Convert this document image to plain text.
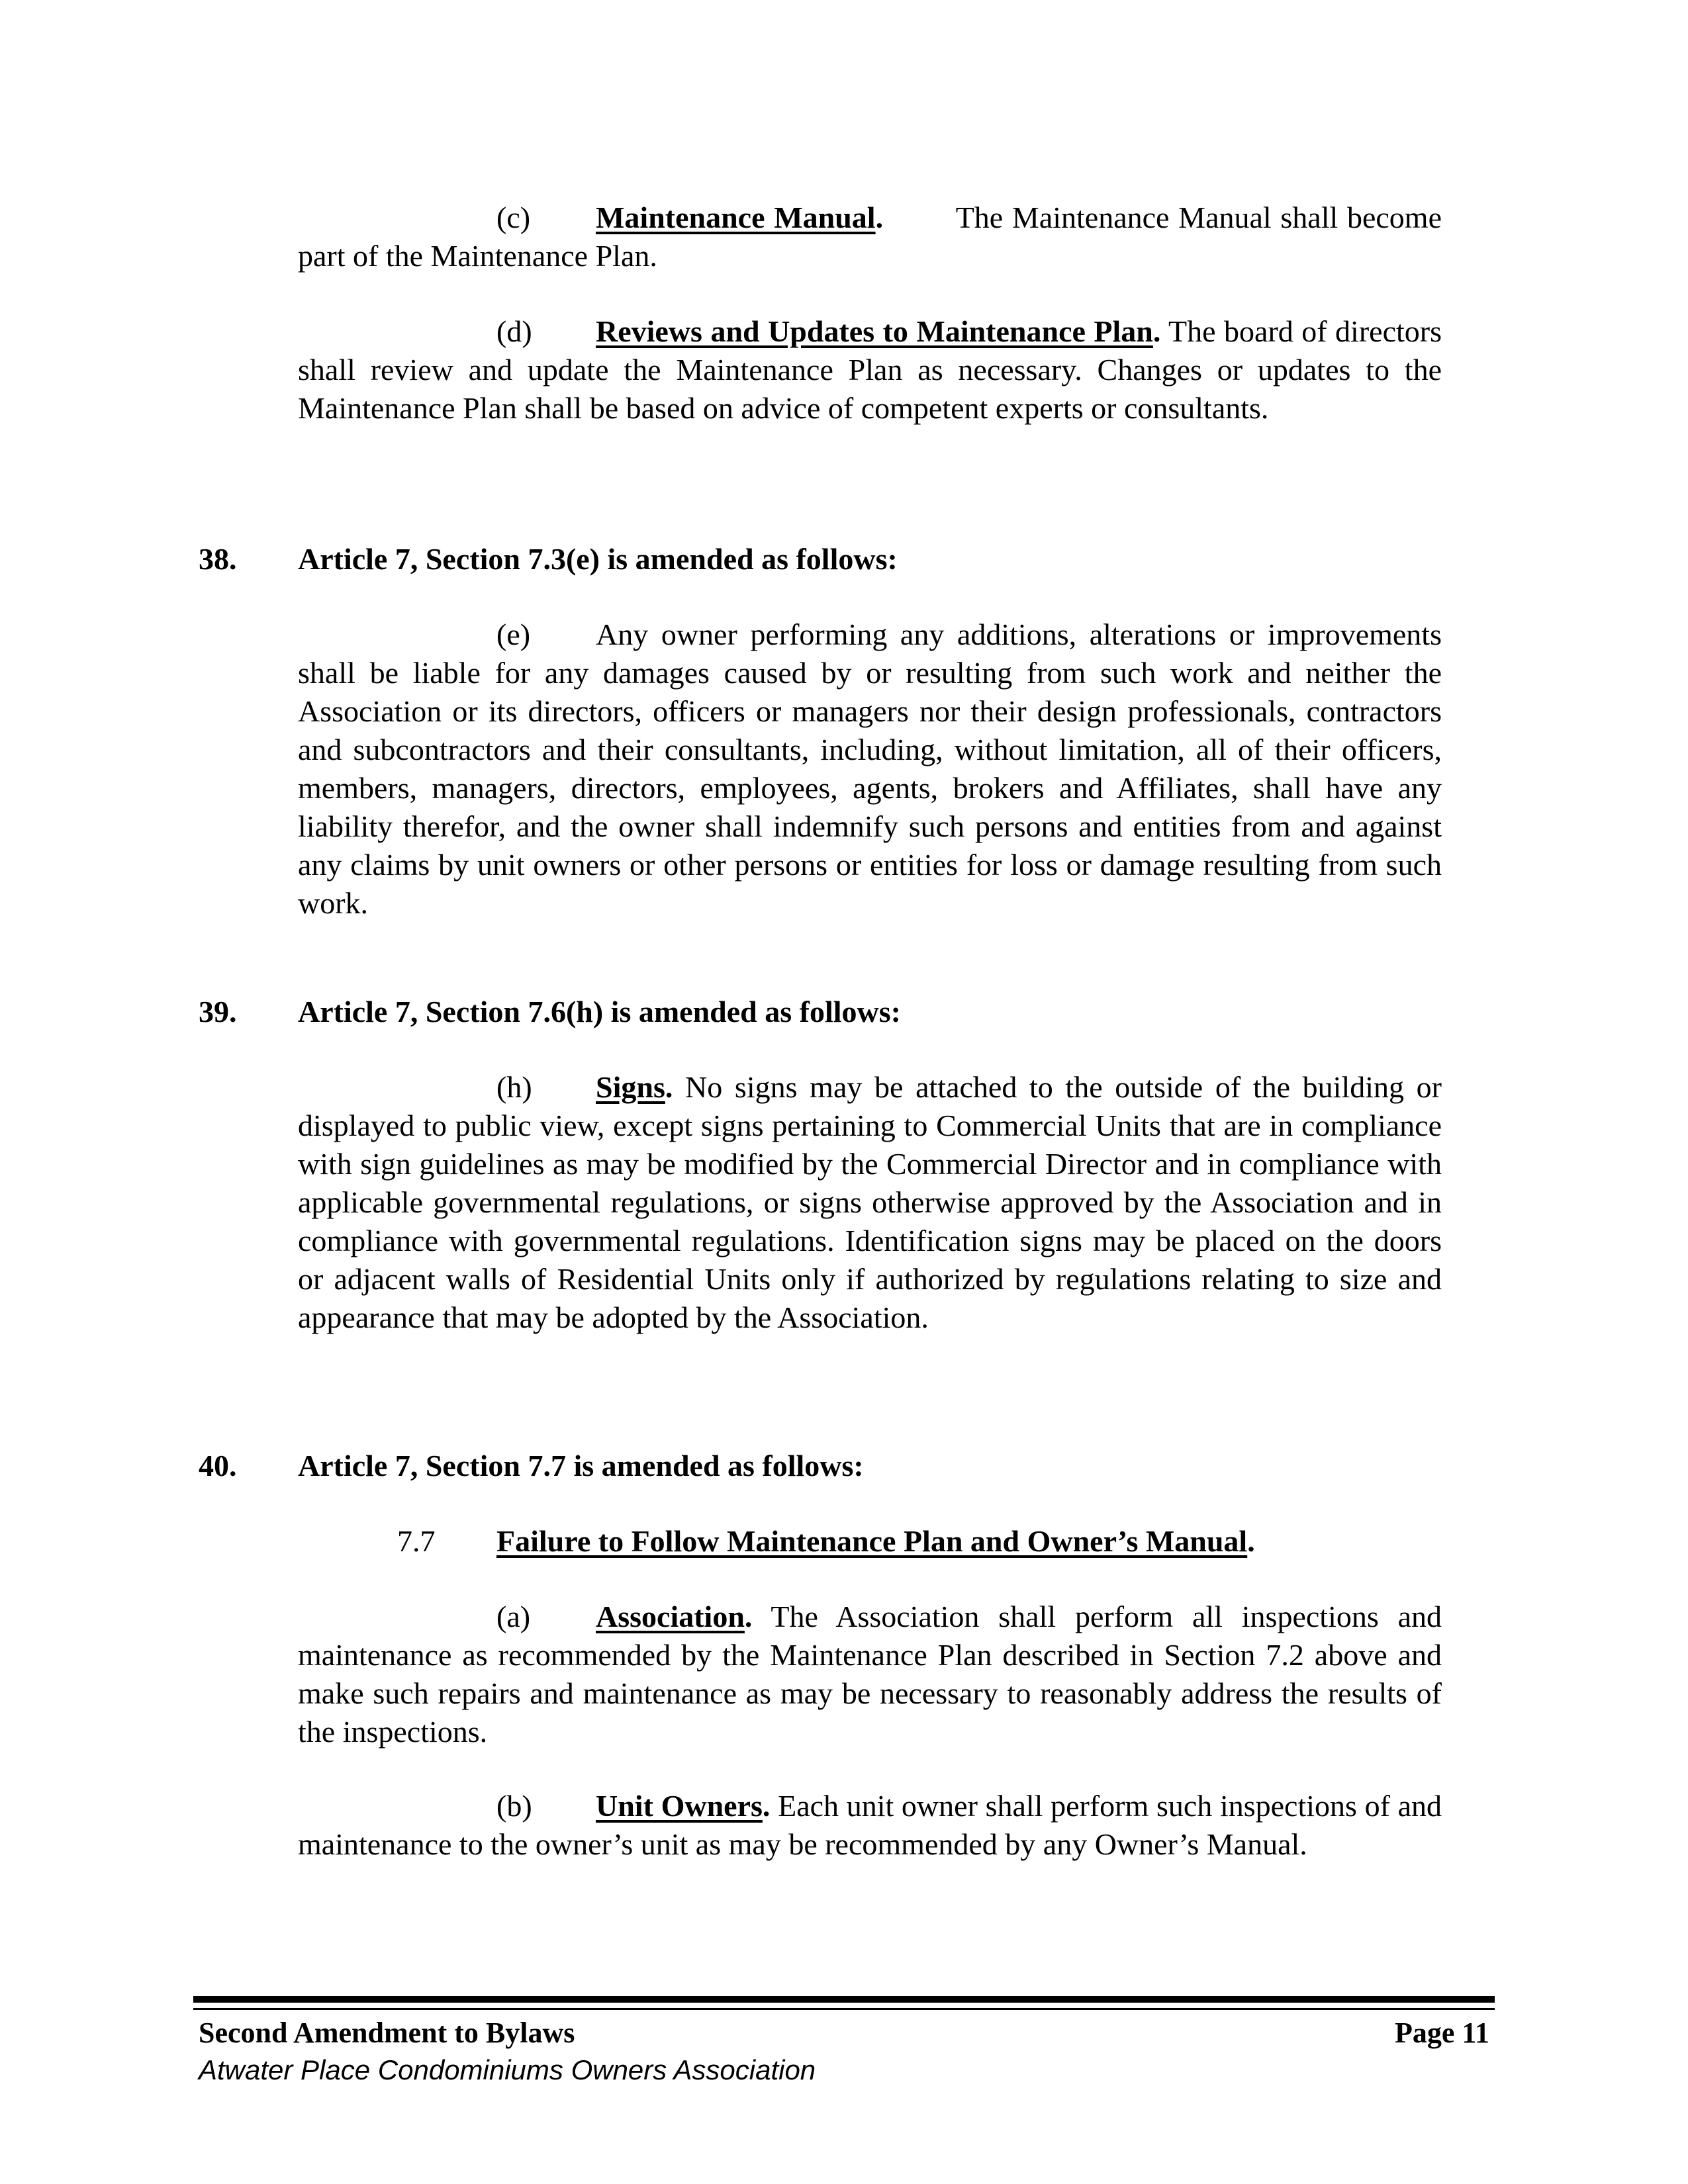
(c) Maintenance Manual. The Maintenance Manual shall become part of the Maintenance Plan.

(d) Reviews and Updates to Maintenance Plan. The board of directors shall review and update the Maintenance Plan as necessary. Changes or updates to the Maintenance Plan shall be based on advice of competent experts or consultants.

38. Article 7, Section 7.3(e) is amended as follows:

(e) Any owner performing any additions, alterations or improvements shall be liable for any damages caused by or resulting from such work and neither the Association or its directors, officers or managers nor their design professionals, contractors and subcontractors and their consultants, including, without limitation, all of their officers, members, managers, directors, employees, agents, brokers and Affiliates, shall have any liability therefor, and the owner shall indemnify such persons and entities from and against any claims by unit owners or other persons or entities for loss or damage resulting from such work.

39. Article 7, Section 7.6(h) is amended as follows:

(h) Signs. No signs may be attached to the outside of the building or displayed to public view, except signs pertaining to Commercial Units that are in compliance with sign guidelines as may be modified by the Commercial Director and in compliance with applicable governmental regulations, or signs otherwise approved by the Association and in compliance with governmental regulations. Identification signs may be placed on the doors or adjacent walls of Residential Units only if authorized by regulations relating to size and appearance that may be adopted by the Association.

40. Article 7, Section 7.7 is amended as follows:

7.7 Failure to Follow Maintenance Plan and Owner’s Manual.

(a) Association. The Association shall perform all inspections and maintenance as recommended by the Maintenance Plan described in Section 7.2 above and make such repairs and maintenance as may be necessary to reasonably address the results of the inspections.

(b) Unit Owners. Each unit owner shall perform such inspections of and maintenance to the owner’s unit as may be recommended by any Owner’s Manual.

Second Amendment to Bylaws
Atwater Place Condominiums Owners Association
Page 11
